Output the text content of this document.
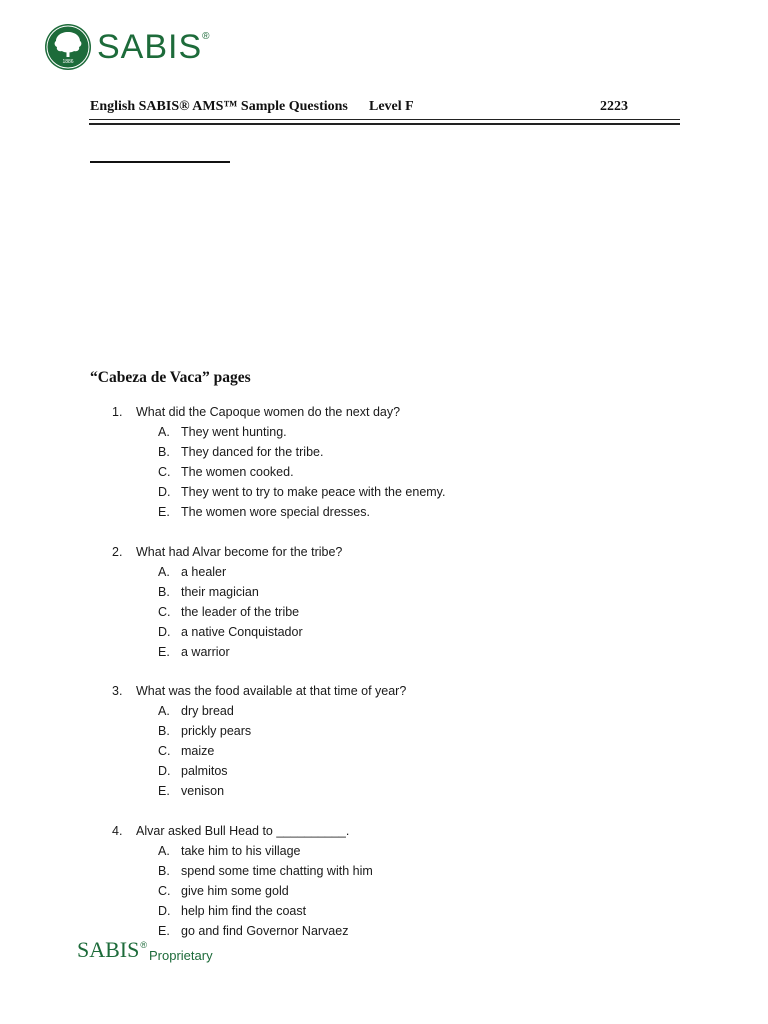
1886 SABIS®
English SABIS® AMS™ Sample Questions Level F	2223
“Cabeza de Vaca” pages
1. What did the Capoque women do the next day?
A. They went hunting.
B. They danced for the tribe.
C. The women cooked.
D. They went to try to make peace with the enemy.
E. The women wore special dresses.
2. What had Alvar become for the tribe?
A. a healer
B. their magician
C. the leader of the tribe
D. a native Conquistador
E. a warrior
3. What was the food available at that time of year?
A. dry bread
B. prickly pears
C. maize
D. palmitos
E. venison
4. Alvar asked Bull Head to __________.
A. take him to his village
B. spend some time chatting with him
C. give him some gold
D. help him find the coast
E. go and find Governor Narvaez
SABIS ®
Proprietary
